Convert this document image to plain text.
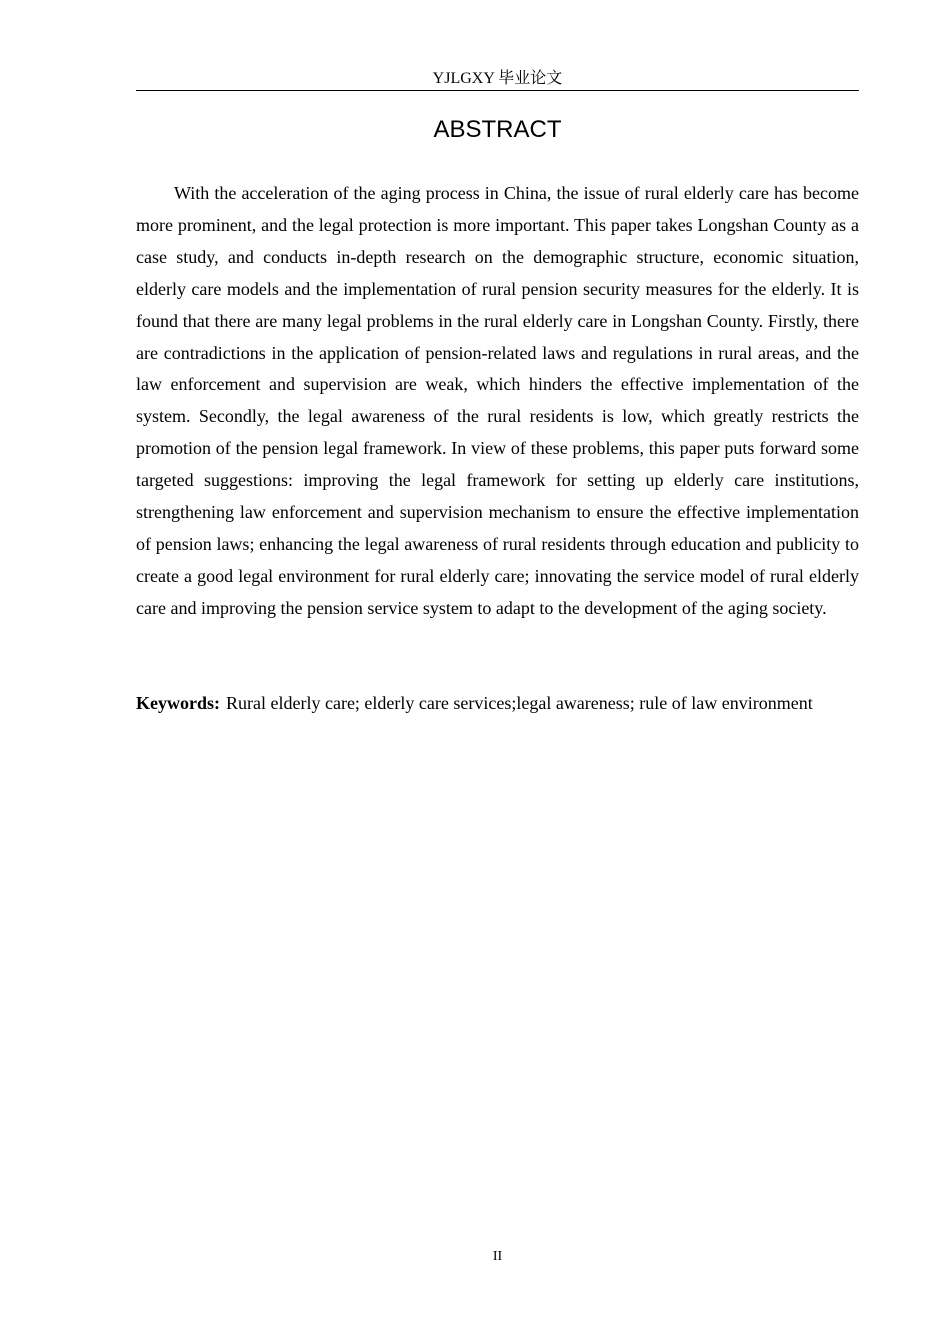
YJLGXY 毕业论文
ABSTRACT

With the acceleration of the aging process in China, the issue of rural elderly care has become more prominent, and the legal protection is more important. This paper takes Longshan County as a case study, and conducts in-depth research on the demographic structure, economic situation, elderly care models and the implementation of rural pension security measures for the elderly. It is found that there are many legal problems in the rural elderly care in Longshan County. Firstly, there are contradictions in the application of pension-related laws and regulations in rural areas, and the law enforcement and supervision are weak, which hinders the effective implementation of the system. Secondly, the legal awareness of the rural residents is low, which greatly restricts the promotion of the pension legal framework. In view of these problems, this paper puts forward some targeted suggestions: improving the legal framework for setting up elderly care institutions, strengthening law enforcement and supervision mechanism to ensure the effective implementation of pension laws; enhancing the legal awareness of rural residents through education and publicity to create a good legal environment for rural elderly care; innovating the service model of rural elderly care and improving the pension service system to adapt to the development of the aging society.

Keywords: Rural elderly care; elderly care services;legal awareness; rule of law environment

II
